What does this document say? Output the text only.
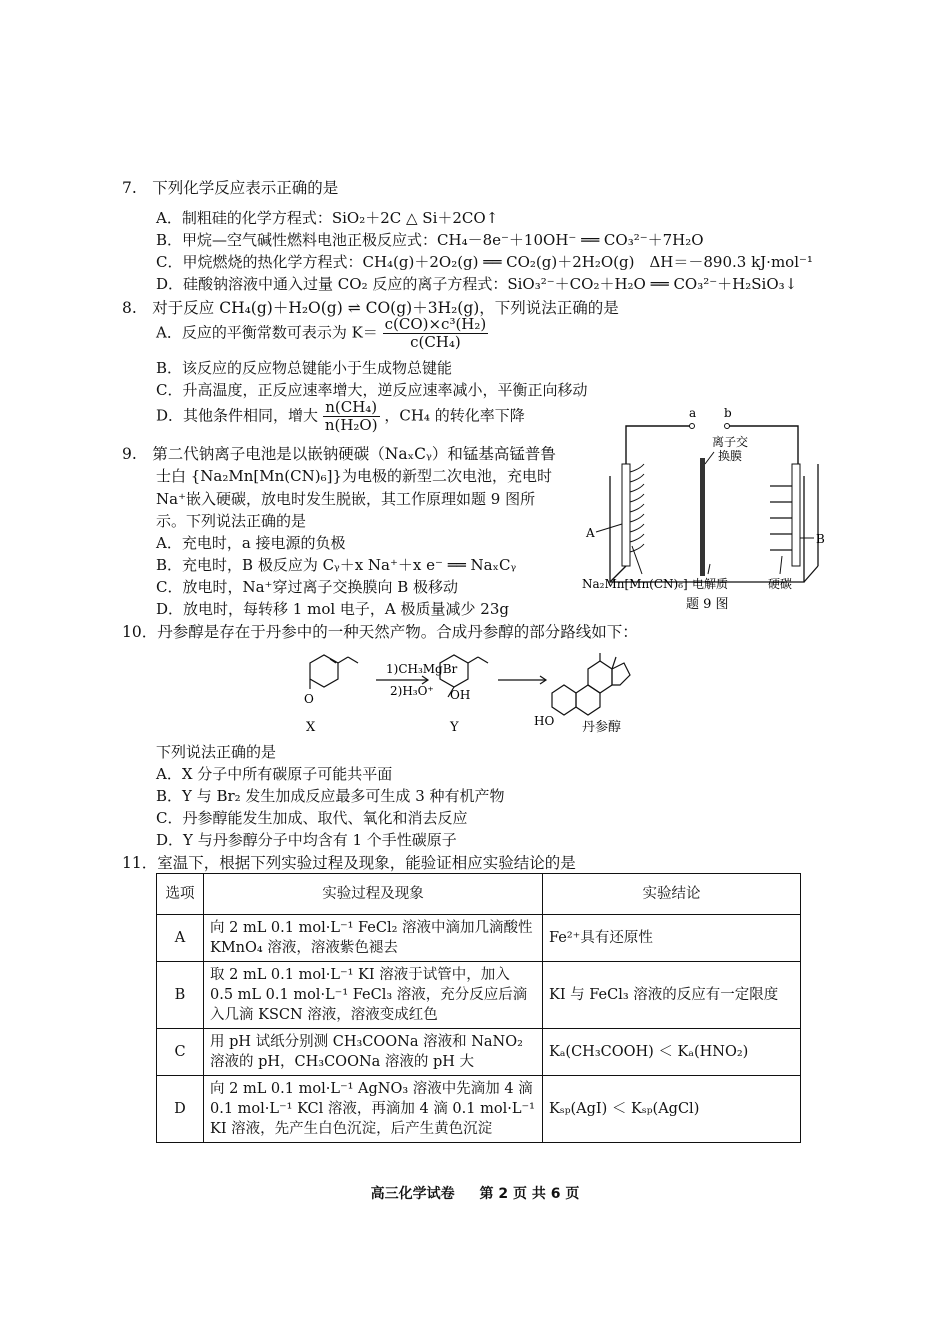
7.　下列化学反应表示正确的是
A．制粗硅的化学方程式：SiO₂＋2C △ Si＋2CO↑
B．甲烷—空气碱性燃料电池正极反应式：CH₄－8e⁻＋10OH⁻ ══ CO₃²⁻＋7H₂O
C．甲烷燃烧的热化学方程式：CH₄(g)＋2O₂(g) ══ CO₂(g)＋2H₂O(g)　ΔH＝－890.3 kJ·mol⁻¹
D．硅酸钠溶液中通入过量 CO₂ 反应的离子方程式：SiO₃²⁻＋CO₂＋H₂O ══ CO₃²⁻＋H₂SiO₃↓
8.　对于反应 CH₄(g)＋H₂O(g) ⇌ CO(g)＋3H₂(g)，下列说法正确的是
A．反应的平衡常数可表示为 $K= \frac{\text{c(CO)×c³(H₂)}}{\text{c(CH₄)}}$
B．该反应的反应物总键能小于生成物总键能
C．升高温度，正反应速率增大，逆反应速率减小，平衡正向移动
D．其他条件相同，增大 $\frac{\text{n(CH₄)}}{\text{n(H₂O)}}$ ，CH₄ 的转化率下降
9.　第二代钠离子电池是以嵌钠硬碳（NaₓCᵧ）和锰基高锰普鲁
士白 {Na₂Mn[Mn(CN)₆]}为电极的新型二次电池，充电时
Na⁺嵌入硬碳，放电时发生脱嵌，其工作原理如题 9 图所
示。下列说法正确的是
A．充电时，a 接电源的负极
B．充电时，B 极反应为 Cᵧ＋x Na⁺＋x e⁻ ══ NaₓCᵧ
C．放电时，Na⁺穿过离子交换膜向 B 极移动
D．放电时，每转移 1 mol 电子，A 极质量减少 23g
a b
A
离子交
换膜
B
Na₂Mn[Mn(CN)₆] 电解质	硬碳
题 9 图
10．丹参醇是存在于丹参中的一种天然产物。合成丹参醇的部分路线如下：
O
1)CH₃MgBr
2)H₃O⁺ OH
HO
X	Y	丹参醇
下列说法正确的是
A．X 分子中所有碳原子可能共平面
B．Y 与 Br₂ 发生加成反应最多可生成 3 种有机产物
C．丹参醇能发生加成、取代、氧化和消去反应
D．Y 与丹参醇分子中均含有 1 个手性碳原子
11．室温下，根据下列实验过程及现象，能验证相应实验结论的是
选项	实验过程及现象	实验结论
A	向 2 mL 0.1 mol·L⁻¹ FeCl₂ 溶液中滴加几滴酸性 KMnO₄ 溶液，溶液紫色褪去	Fe²⁺具有还原性
B	取 2 mL 0.1 mol·L⁻¹ KI 溶液于试管中，加入 0.5 mL 0.1 mol·L⁻¹ FeCl₃ 溶液，充分反应后滴入几滴 KSCN 溶液，溶液变成红色	KI 与 FeCl₃ 溶液的反应有一定限度
C	用 pH 试纸分别测 CH₃COONa 溶液和 NaNO₂ 溶液的 pH，CH₃COONa 溶液的 pH 大	Kₐ(CH₃COOH) ＜ Kₐ(HNO₂)
D	向 2 mL 0.1 mol·L⁻¹ AgNO₃ 溶液中先滴加 4 滴 0.1 mol·L⁻¹ KCl 溶液，再滴加 4 滴 0.1 mol·L⁻¹ KI 溶液，先产生白色沉淀，后产生黄色沉淀	Kₛₚ(AgI) ＜ Kₛₚ(AgCl)
高三化学试卷 第 2 页 共 6 页
